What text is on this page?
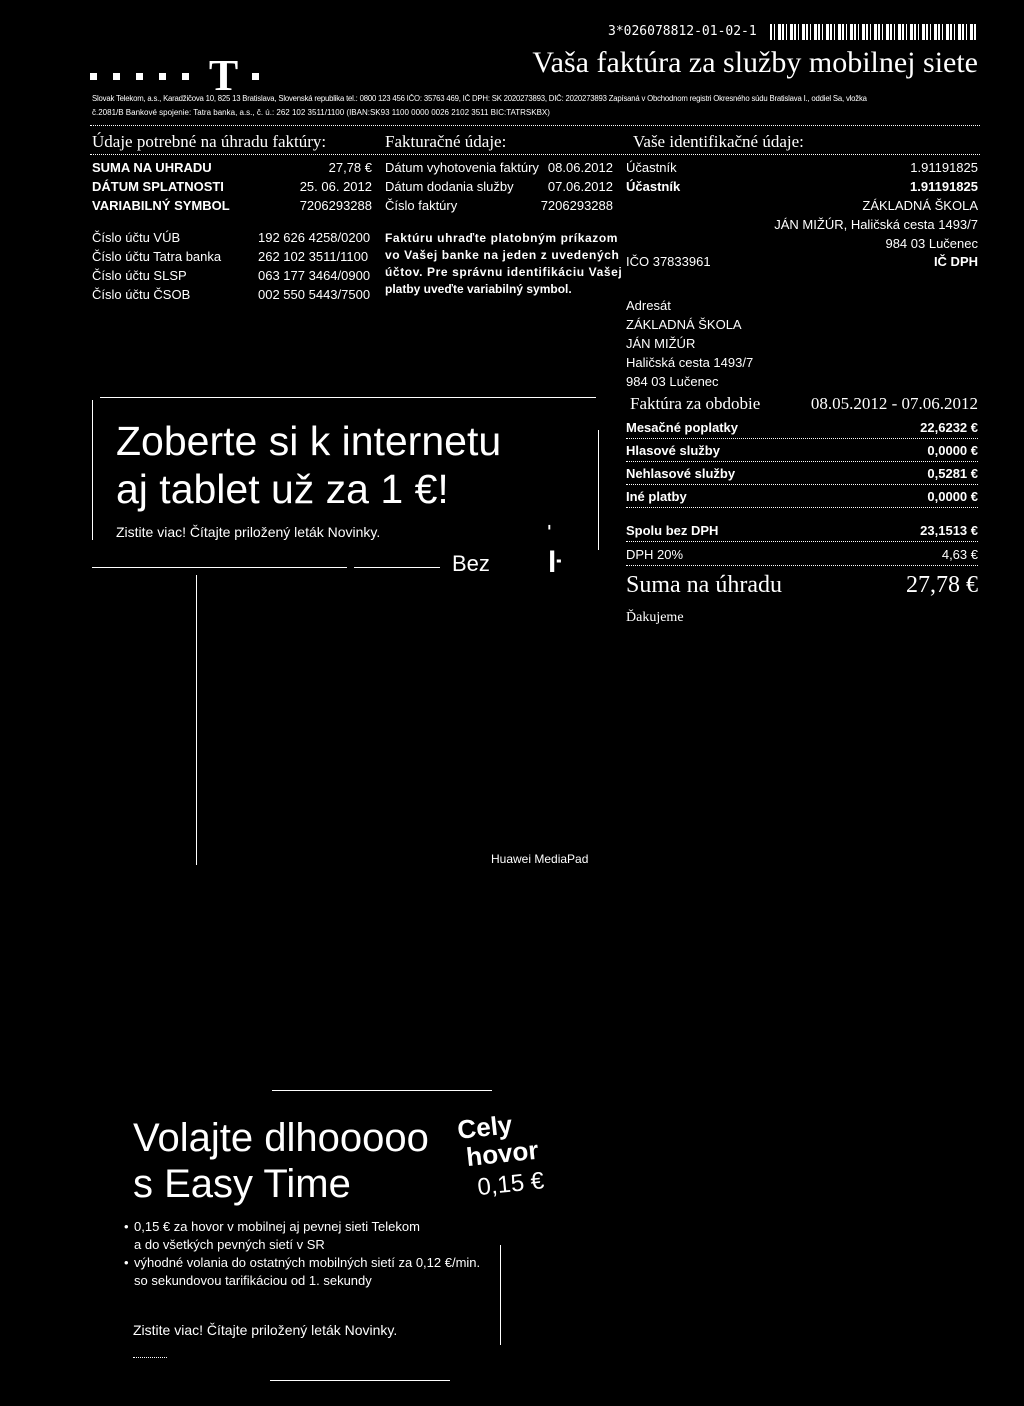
T
3*026078812-01-02-1
Vaša faktúra za služby mobilnej siete
Slovak Telekom, a.s., Karadžičova 10, 825 13 Bratislava, Slovenská republika tel.: 0800 123 456 IČO: 35763 469, IČ DPH: SK 2020273893, DIČ: 2020273893 Zapísaná v Obchodnom registri Okresného súdu Bratislava I., oddiel Sa, vložka
č.2081/B Bankové spojenie: Tatra banka, a.s., č. ú.: 262 102 3511/1100 (IBAN:SK93 1100 0000 0026 2102 3511 BIC:TATRSKBX)
Údaje potrebné na úhradu faktúry:	Fakturačné údaje:	Vaše identifikačné údaje:
SUMA NA UHRADU	27,78 €
DÁTUM SPLATNOSTI	25. 06. 2012
VARIABILNÝ SYMBOL	7206293288
Číslo účtu VÚB	192 626 4258/0200
Číslo účtu Tatra banka	262 102 3511/1100
Číslo účtu SLSP	063 177 3464/0900
Číslo účtu ČSOB	002 550 5443/7500
Dátum vyhotovenia faktúry 08.06.2012
Dátum dodania služby	07.06.2012
Číslo faktúry	7206293288
Faktúru uhraďte platobným príkazom
vo Vašej banke na jeden z uvedených
účtov. Pre správnu identifikáciu Vašej
platby uveďte variabilný symbol.
Účastník	1.91191825
Účastník	1.91191825
ZÁKLADNÁ ŠKOLA
JÁN MIŽÚR, Haličská cesta 1493/7
984 03 Lučenec
IČO 37833961	IČ DPH
Adresát
ZÁKLADNÁ ŠKOLA
JÁN MIŽÚR
Haličská cesta 1493/7
984 03 Lučenec
Faktúra za obdobie	08.05.2012 - 07.06.2012
Mesačné poplatky	22,6232 €
Hlasové služby	0,0000 €
Nehlasové služby	0,5281 €
Iné platby	0,0000 €
Spolu bez DPH	23,1513 €
DPH 20%	4,63 €
Suma na úhradu	27,78 €
Ďakujeme
Zoberte si k internetu
aj tablet už za 1 €!
Zistite viac! Čítajte priložený leták Novinky.
Bez
ˈ
ŀ
Huawei MediaPad
Volajte dlhooooo
s Easy Time
Cely
hovor
0,15 €
• 0,15 € za hovor v mobilnej aj pevnej sieti Telekom
a do všetkých pevných sietí v SR
• výhodné volania do ostatných mobilných sietí za 0,12 €/min.
so sekundovou tarifikáciou od 1. sekundy
Zistite viac! Čítajte priložený leták Novinky.
